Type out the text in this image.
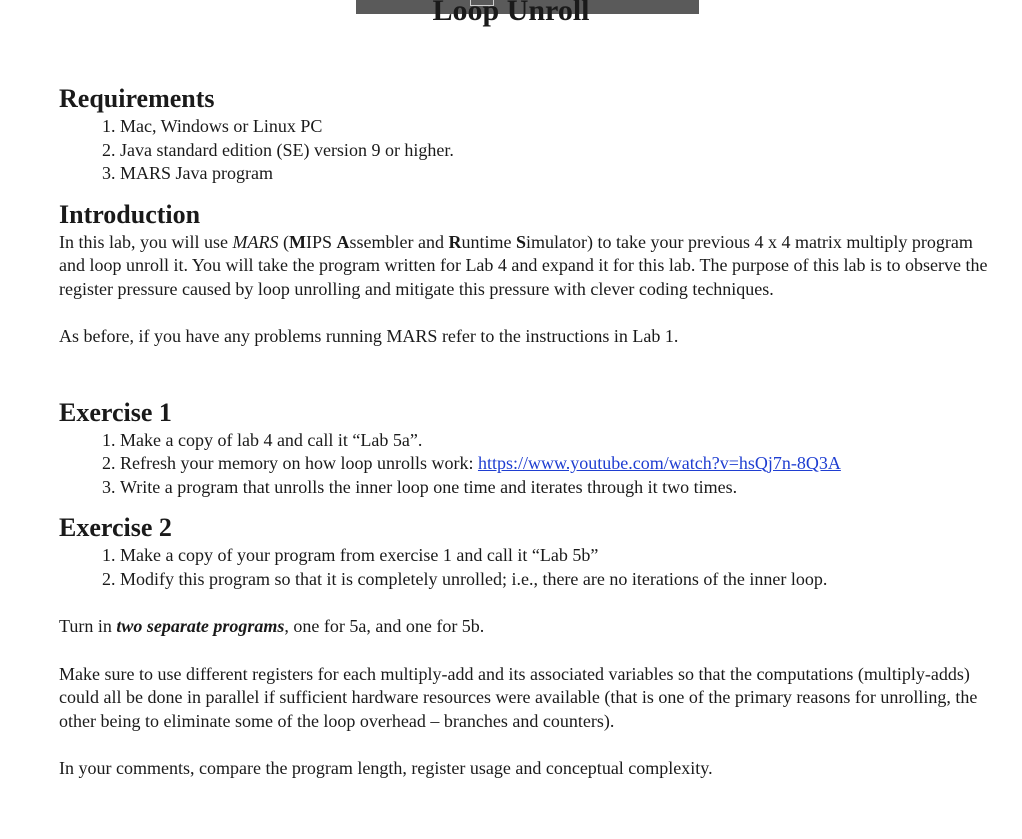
Loop Unroll
Requirements
1. Mac, Windows or Linux PC
2. Java standard edition (SE) version 9 or higher.
3. MARS Java program
Introduction

In this lab, you will use MARS (MIPS Assembler and Runtime Simulator) to take your previous 4 x 4 matrix multiply program and loop unroll it. You will take the program written for Lab 4 and expand it for this lab. The purpose of this lab is to observe the register pressure caused by loop unrolling and mitigate this pressure with clever coding techniques.

As before, if you have any problems running MARS refer to the instructions in Lab 1.

Exercise 1
1. Make a copy of lab 4 and call it “Lab 5a”.
2. Refresh your memory on how loop unrolls work: https://www.youtube.com/watch?v=hsQj7n-8Q3A
3. Write a program that unrolls the inner loop one time and iterates through it two times.
Exercise 2
1. Make a copy of your program from exercise 1 and call it “Lab 5b”
2. Modify this program so that it is completely unrolled; i.e., there are no iterations of the inner loop.

Turn in two separate programs, one for 5a, and one for 5b.

Make sure to use different registers for each multiply-add and its associated variables so that the computations (multiply-adds) could all be done in parallel if sufficient hardware resources were available (that is one of the primary reasons for unrolling, the other being to eliminate some of the loop overhead – branches and counters).

In your comments, compare the program length, register usage and conceptual complexity.
